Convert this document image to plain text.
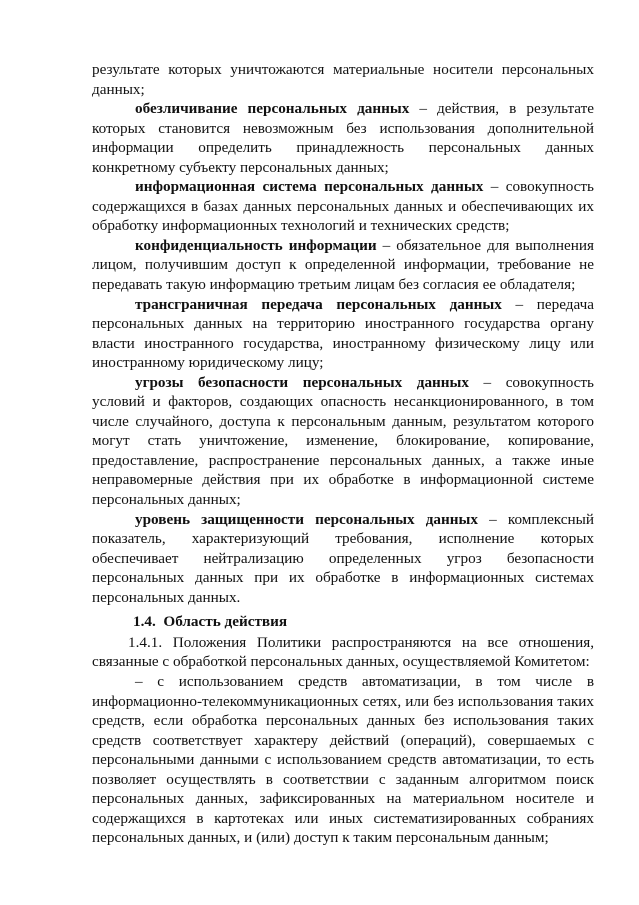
результате которых уничтожаются материальные носители персональных данных;

обезличивание персональных данных – действия, в результате которых становится невозможным без использования дополнительной информации определить принадлежность персональных данных конкретному субъекту персональных данных;

информационная система персональных данных – совокупность содержащихся в базах данных персональных данных и обеспечивающих их обработку информационных технологий и технических средств;

конфиденциальность информации – обязательное для выполнения лицом, получившим доступ к определенной информации, требование не передавать такую информацию третьим лицам без согласия ее обладателя;

трансграничная передача персональных данных – передача персональных данных на территорию иностранного государства органу власти иностранного государства, иностранному физическому лицу или иностранному юридическому лицу;

угрозы безопасности персональных данных – совокупность условий и факторов, создающих опасность несанкционированного, в том числе случайного, доступа к персональным данным, результатом которого могут стать уничтожение, изменение, блокирование, копирование, предоставление, распространение персональных данных, а также иные неправомерные действия при их обработке в информационной системе персональных данных;

уровень защищенности персональных данных – комплексный показатель, характеризующий требования, исполнение которых обеспечивает нейтрализацию определенных угроз безопасности персональных данных при их обработке в информационных системах персональных данных.

1.4. Область действия

1.4.1. Положения Политики распространяются на все отношения, связанные с обработкой персональных данных, осуществляемой Комитетом:

– с использованием средств автоматизации, в том числе в информационно-телекоммуникационных сетях, или без использования таких средств, если обработка персональных данных без использования таких средств соответствует характеру действий (операций), совершаемых с персональными данными с использованием средств автоматизации, то есть позволяет осуществлять в соответствии с заданным алгоритмом поиск персональных данных, зафиксированных на материальном носителе и содержащихся в картотеках или иных систематизированных собраниях персональных данных, и (или) доступ к таким персональным данным;
